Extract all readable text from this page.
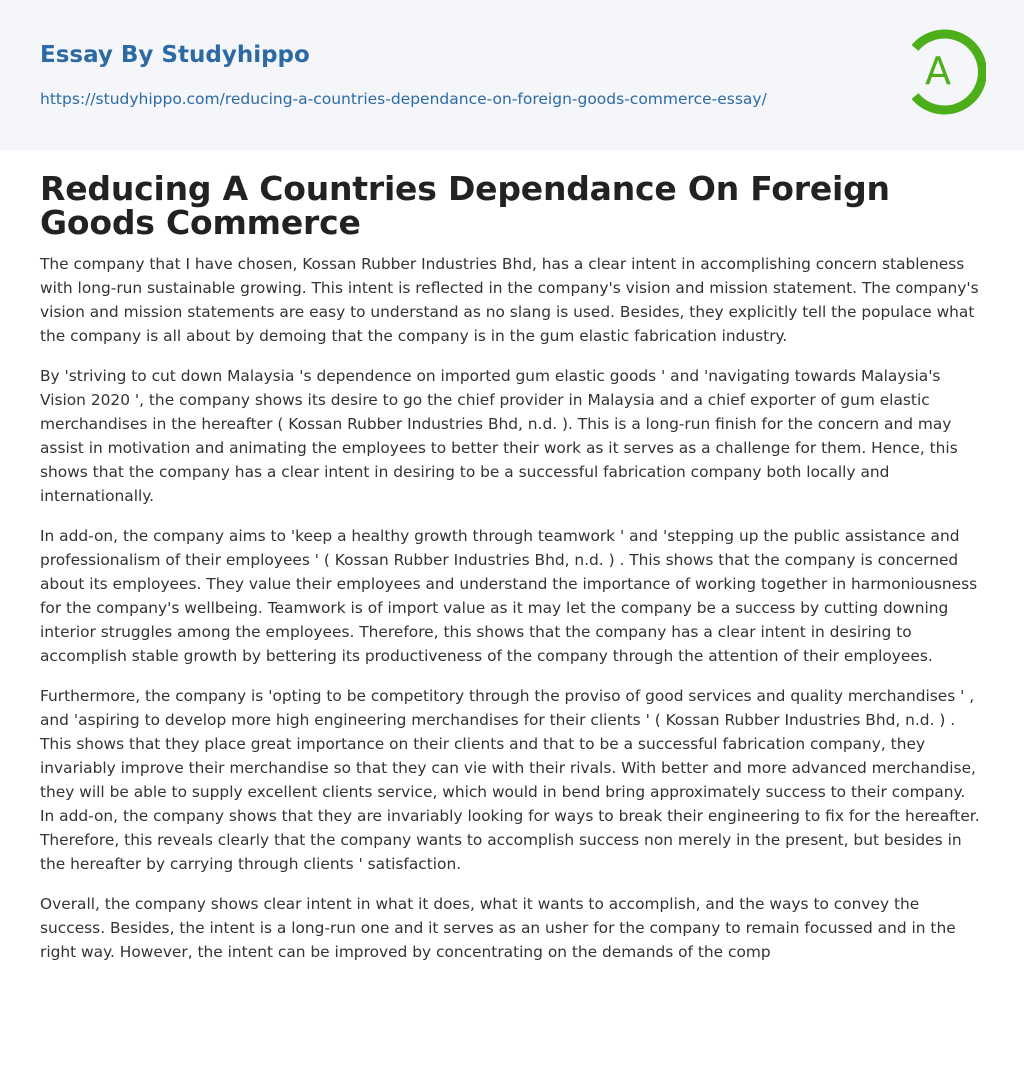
Essay By Studyhippo
https://studyhippo.com/reducing-a-countries-dependance-on-foreign-goods-commerce-essay/
A
Reducing A Countries Dependance On Foreign Goods Commerce

The company that I have chosen, Kossan Rubber Industries Bhd, has a clear intent in accomplishing concern stableness with long-run sustainable growing. This intent is reflected in the company's vision and mission statement. The company's vision and mission statements are easy to understand as no slang is used. Besides, they explicitly tell the populace what the company is all about by demoing that the company is in the gum elastic fabrication industry.

By 'striving to cut down Malaysia 's dependence on imported gum elastic goods ' and 'navigating towards Malaysia's Vision 2020 ', the company shows its desire to go the chief provider in Malaysia and a chief exporter of gum elastic merchandises in the hereafter ( Kossan Rubber Industries Bhd, n.d. ). This is a long-run finish for the concern and may assist in motivation and animating the employees to better their work as it serves as a challenge for them. Hence, this shows that the company has a clear intent in desiring to be a successful fabrication company both locally and internationally.

In add-on, the company aims to 'keep a healthy growth through teamwork ' and 'stepping up the public assistance and professionalism of their employees ' ( Kossan Rubber Industries Bhd, n.d. ) . This shows that the company is concerned about its employees. They value their employees and understand the importance of working together in harmoniousness for the company's wellbeing. Teamwork is of import value as it may let the company be a success by cutting downing interior struggles among the employees. Therefore, this shows that the company has a clear intent in desiring to accomplish stable growth by bettering its productiveness of the company through the attention of their employees.

Furthermore, the company is 'opting to be competitory through the proviso of good services and quality merchandises ' , and 'aspiring to develop more high engineering merchandises for their clients ' ( Kossan Rubber Industries Bhd, n.d. ) . This shows that they place great importance on their clients and that to be a successful fabrication company, they invariably improve their merchandise so that they can vie with their rivals. With better and more advanced merchandise, they will be able to supply excellent clients service, which would in bend bring approximately success to their company. In add-on, the company shows that they are invariably looking for ways to break their engineering to fix for the hereafter. Therefore, this reveals clearly that the company wants to accomplish success non merely in the present, but besides in the hereafter by carrying through clients ' satisfaction.

Overall, the company shows clear intent in what it does, what it wants to accomplish, and the ways to convey the success. Besides, the intent is a long-run one and it serves as an usher for the company to remain focussed and in the right way. However, the intent can be improved by concentrating on the demands of the comp
